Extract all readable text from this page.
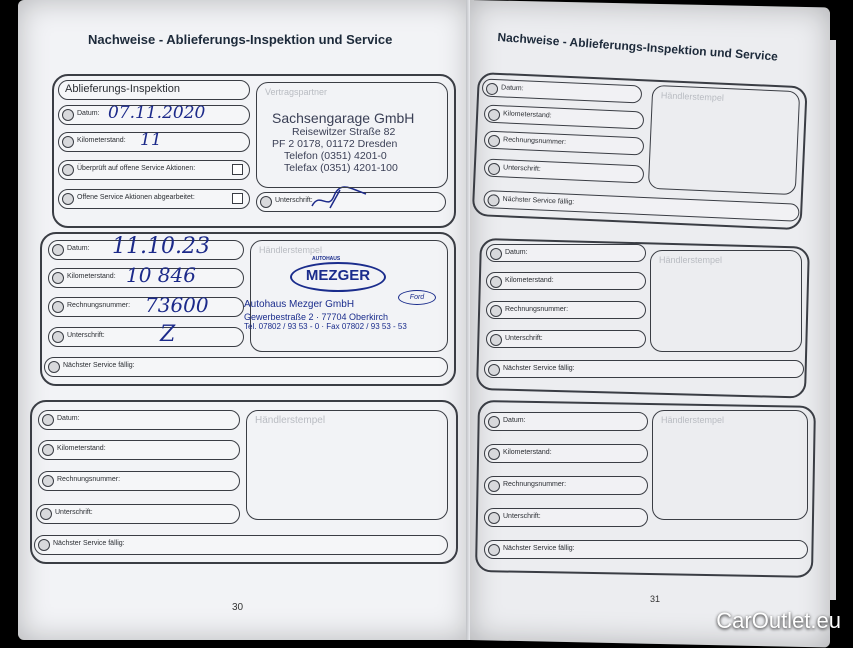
Nachweise - Ablieferungs-Inspektion und Service
Ablieferungs-Inspektion
Datum: 07.11.2020
Kilometerstand: 11
Überprüft auf offene Service Aktionen:
Offene Service Aktionen abgearbeitet:	Unterschrift:
Vertragspartner
Sachsengarage GmbH
Reisewitzer Straße 82
PF 2 0178, 01172 Dresden
Telefon (0351) 4201-0
Telefax (0351) 4201-100
Datum: 11.10.23
Kilometerstand: 10 846
Rechnungsnummer: 73600
Unterschrift:	Z
Nächster Service fällig:
Händlerstempel
AUTOHAUS
MEZGER
Ford
Autohaus Mezger GmbH
Gewerbestraße 2 · 77704 Oberkirch
Tel. 07802 / 93 53 - 0 · Fax 07802 / 93 53 - 53
Datum:
Kilometerstand:
Rechnungsnummer:
Unterschrift:
Nächster Service fällig:
Händlerstempel
30
Nachweise - Ablieferungs-Inspektion und Service
Datum:
Kilometerstand:
Rechnungsnummer:
Unterschrift:
Nächster Service fällig:
Händlerstempel
Datum:
Kilometerstand:
Rechnungsnummer:
Unterschrift:
Nächster Service fällig:
Händlerstempel
Datum:
Kilometerstand:
Rechnungsnummer:
Unterschrift:
Nächster Service fällig:
Händlerstempel
31
CarOutlet.eu
